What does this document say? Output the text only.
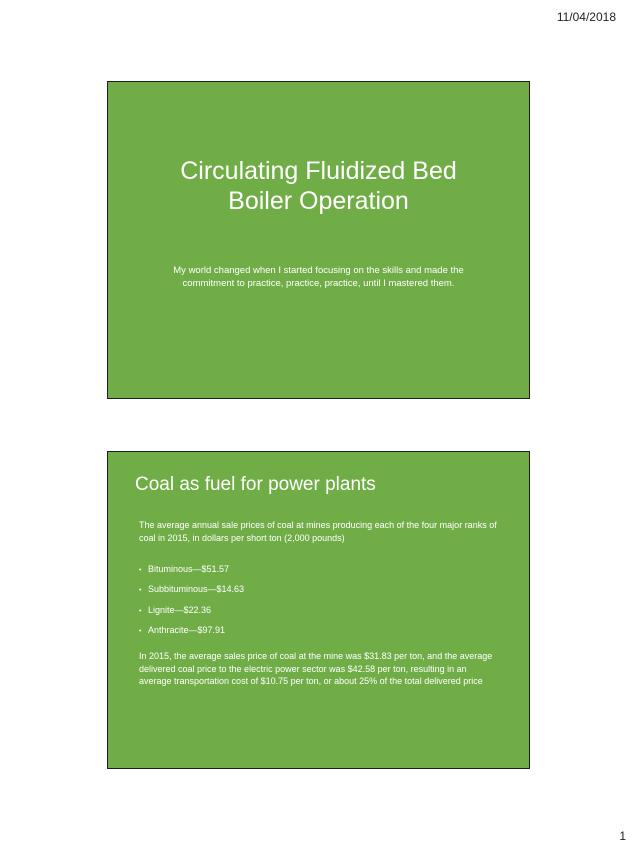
11/04/2018
Circulating Fluidized Bed
Boiler Operation
My world changed when I started focusing on the skills and made the commitment to practice, practice, practice, until I mastered them.
Coal as fuel for power plants
The average annual sale prices of coal at mines producing each of the four major ranks of coal in 2015, in dollars per short ton (2,000 pounds)
• Bituminous—$51.57
• Subbituminous—$14.63
• Lignite—$22.36
• Anthracite—$97.91
In 2015, the average sales price of coal at the mine was $31.83 per ton, and the average delivered coal price to the electric power sector was $42.58 per ton, resulting in an average transportation cost of $10.75 per ton, or about 25% of the total delivered price
1
